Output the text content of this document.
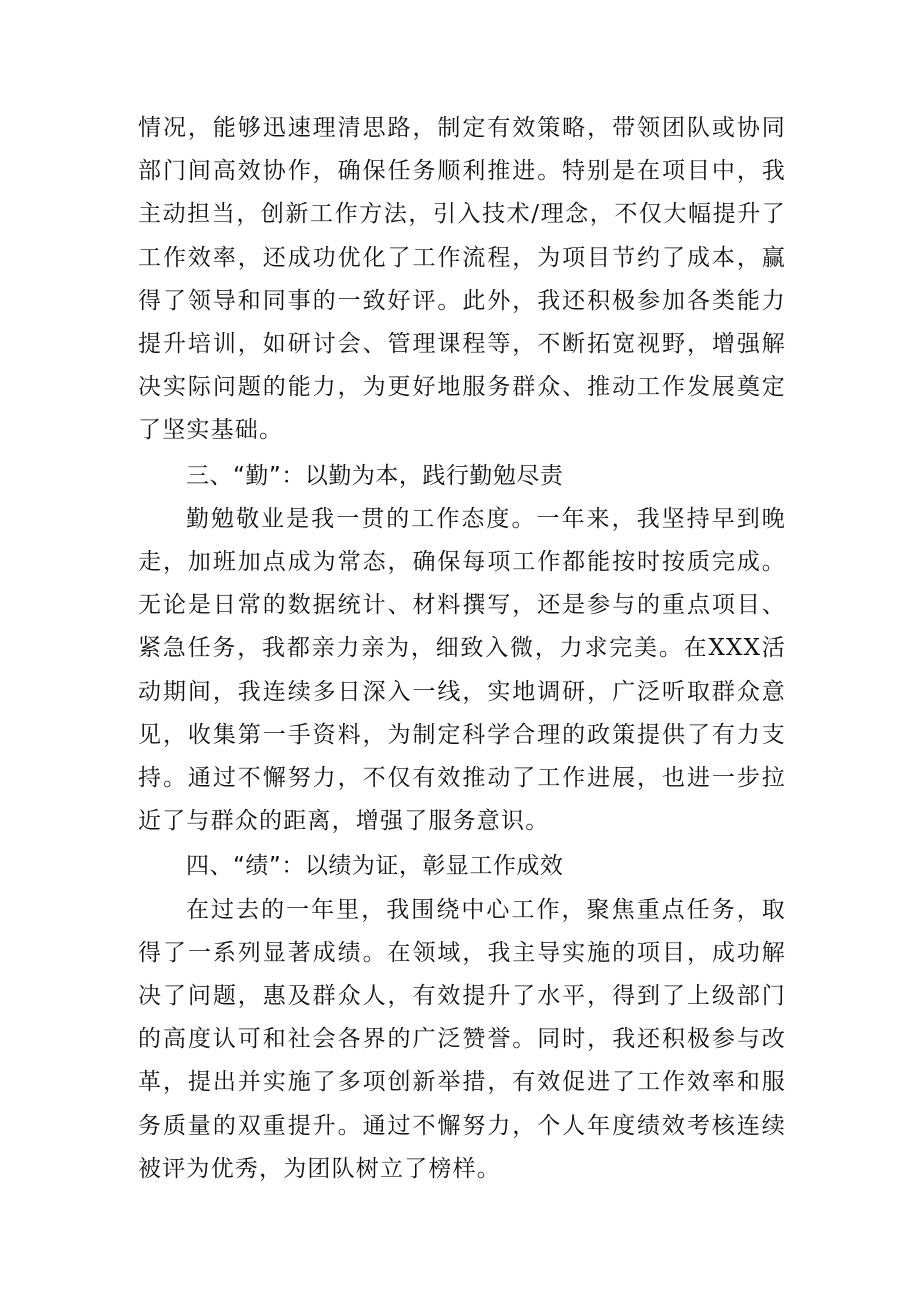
情况，能够迅速理清思路，制定有效策略，带领团队或协同部门间高效协作，确保任务顺利推进。特别是在项目中，我主动担当，创新工作方法，引入技术/理念，不仅大幅提升了工作效率，还成功优化了工作流程，为项目节约了成本，赢得了领导和同事的一致好评。此外，我还积极参加各类能力提升培训，如研讨会、管理课程等，不断拓宽视野，增强解决实际问题的能力，为更好地服务群众、推动工作发展奠定了坚实基础。

三、“勤”：以勤为本，践行勤勉尽责

勤勉敬业是我一贯的工作态度。一年来，我坚持早到晚走，加班加点成为常态，确保每项工作都能按时按质完成。无论是日常的数据统计、材料撰写，还是参与的重点项目、紧急任务，我都亲力亲为，细致入微，力求完美。在XXX活动期间，我连续多日深入一线，实地调研，广泛听取群众意见，收集第一手资料，为制定科学合理的政策提供了有力支持。通过不懈努力，不仅有效推动了工作进展，也进一步拉近了与群众的距离，增强了服务意识。

四、“绩”：以绩为证，彰显工作成效

在过去的一年里，我围绕中心工作，聚焦重点任务，取得了一系列显著成绩。在领域，我主导实施的项目，成功解决了问题，惠及群众人，有效提升了水平，得到了上级部门的高度认可和社会各界的广泛赞誉。同时，我还积极参与改革，提出并实施了多项创新举措，有效促进了工作效率和服务质量的双重提升。通过不懈努力，个人年度绩效考核连续被评为优秀，为团队树立了榜样。
